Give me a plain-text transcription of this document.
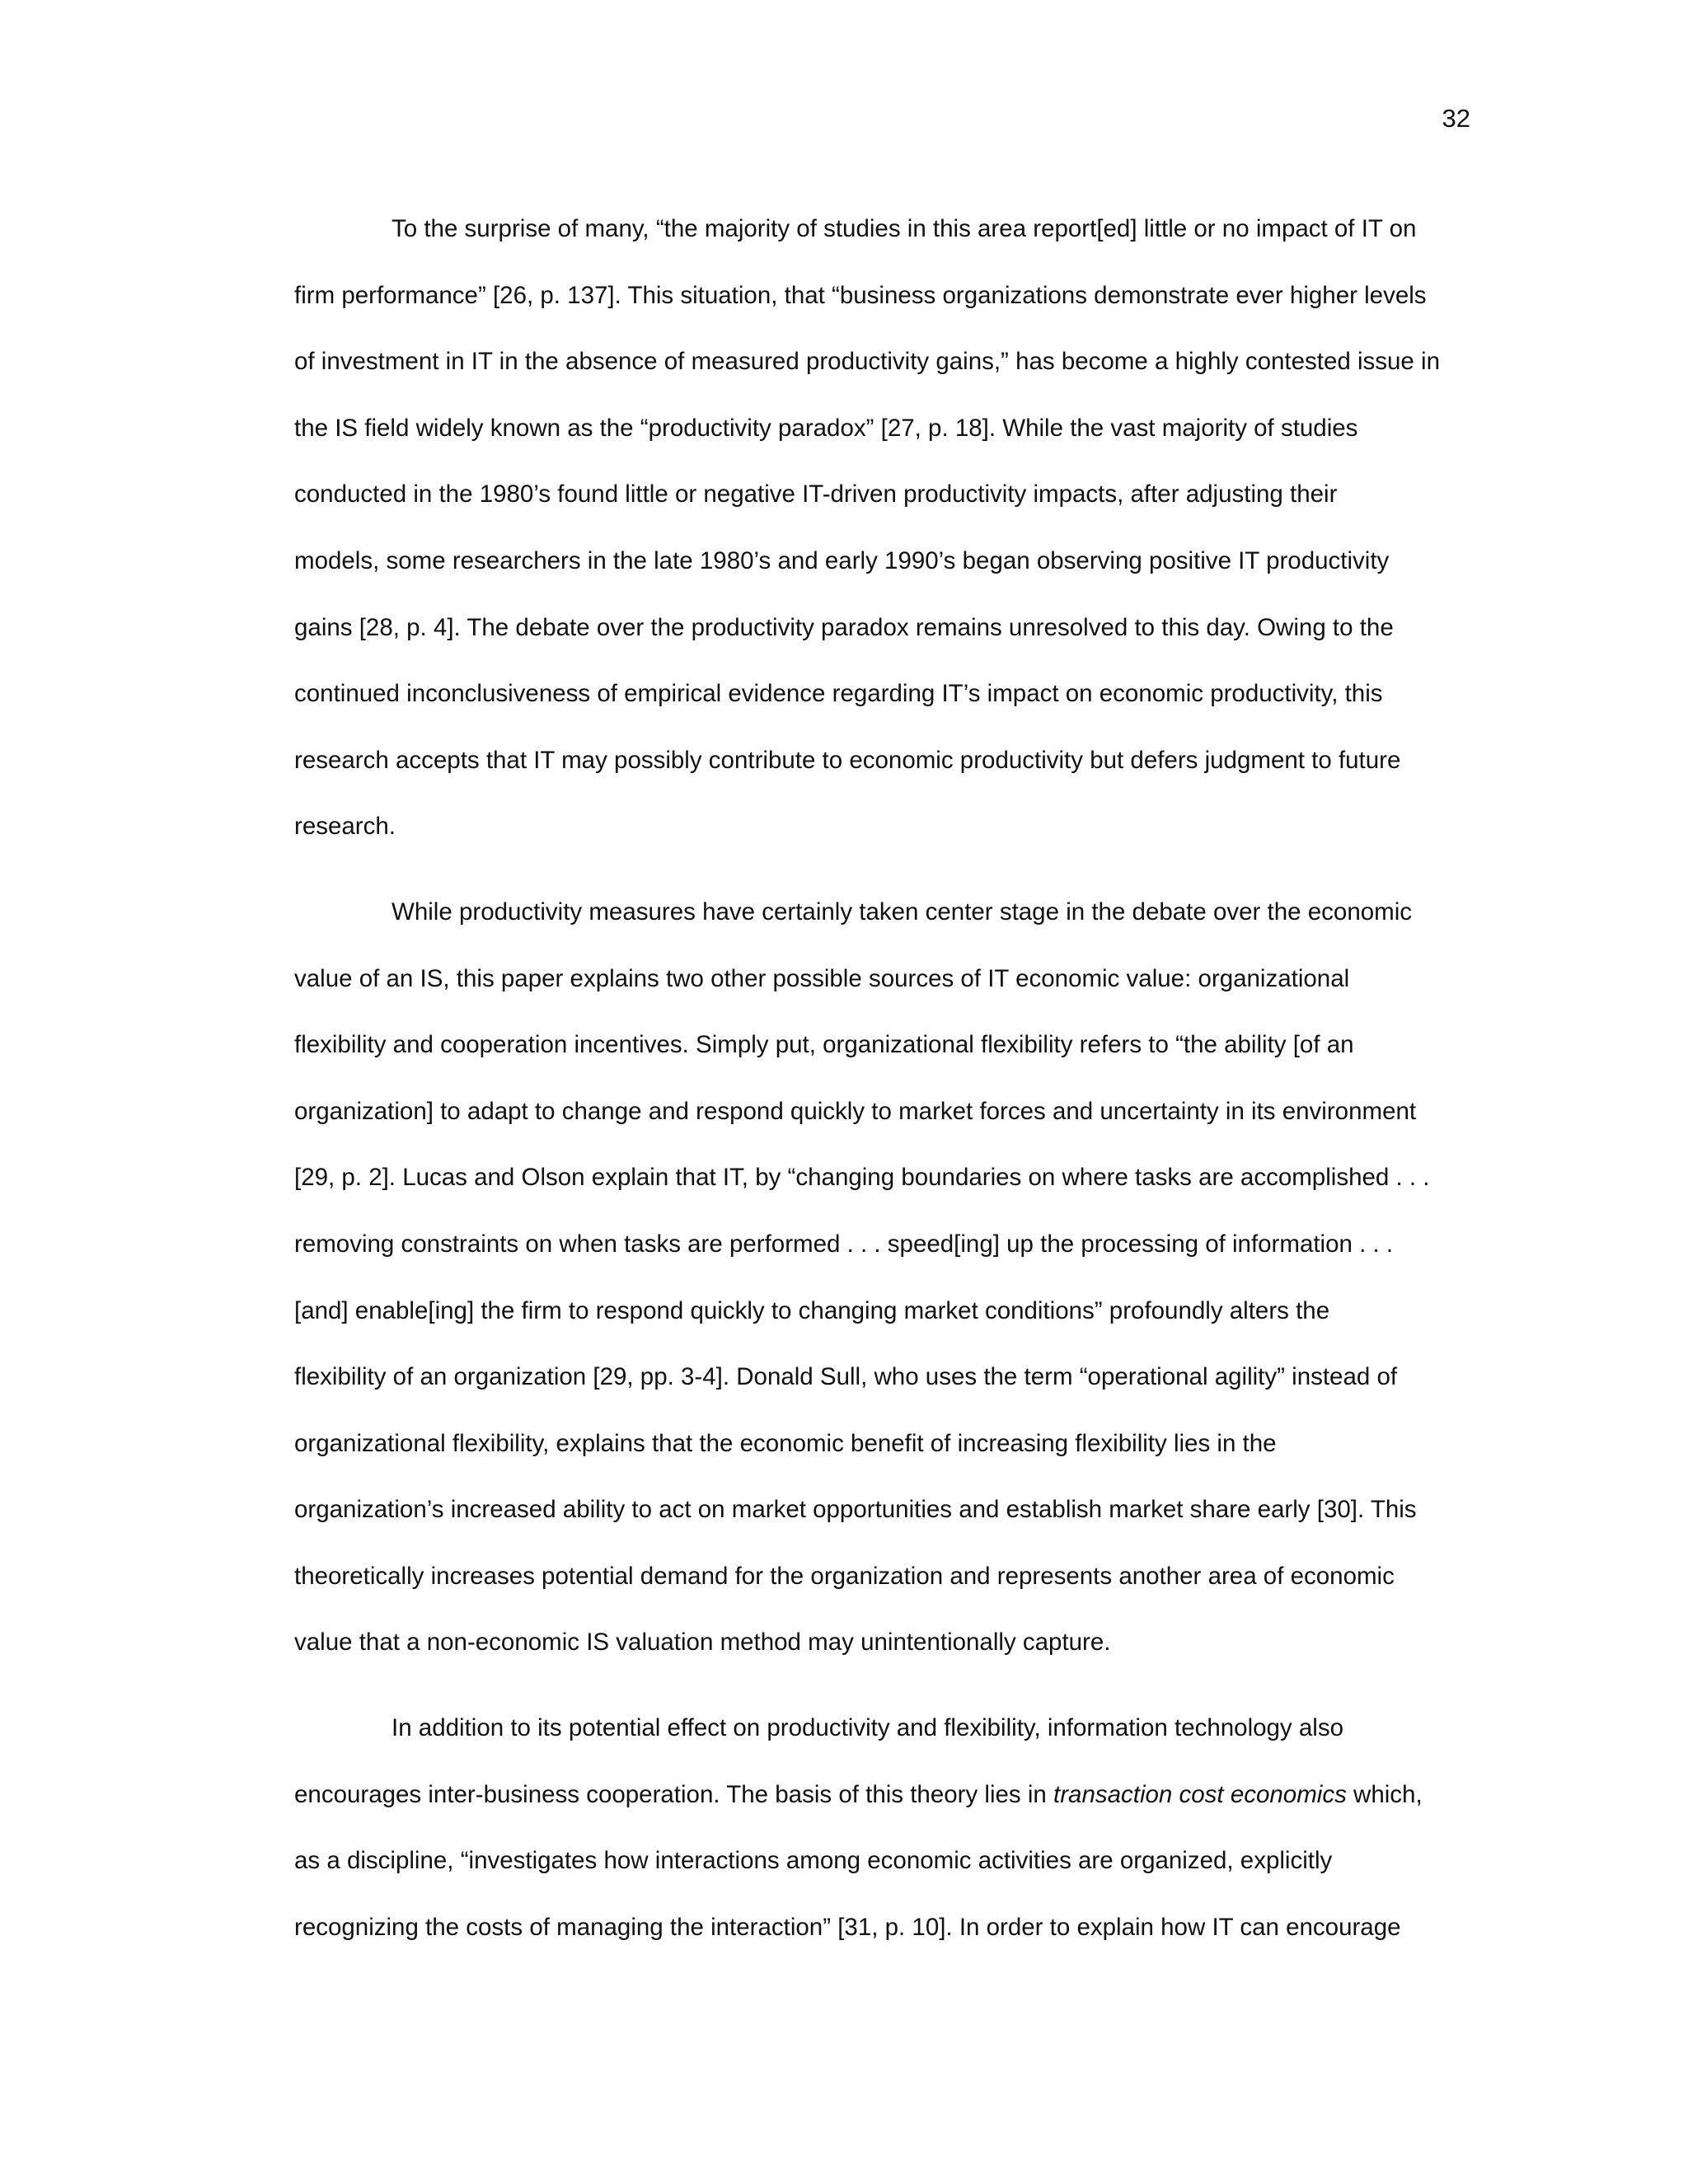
32

To the surprise of many, “the majority of studies in this area report[ed] little or no impact of IT on
firm performance” [26, p. 137]. This situation, that “business organizations demonstrate ever higher levels
of investment in IT in the absence of measured productivity gains,” has become a highly contested issue in
the IS field widely known as the “productivity paradox” [27, p. 18]. While the vast majority of studies
conducted in the 1980’s found little or negative IT-driven productivity impacts, after adjusting their
models, some researchers in the late 1980’s and early 1990’s began observing positive IT productivity
gains [28, p. 4]. The debate over the productivity paradox remains unresolved to this day. Owing to the
continued inconclusiveness of empirical evidence regarding IT’s impact on economic productivity, this
research accepts that IT may possibly contribute to economic productivity but defers judgment to future
research.

While productivity measures have certainly taken center stage in the debate over the economic
value of an IS, this paper explains two other possible sources of IT economic value: organizational
flexibility and cooperation incentives. Simply put, organizational flexibility refers to “the ability [of an
organization] to adapt to change and respond quickly to market forces and uncertainty in its environment
[29, p. 2]. Lucas and Olson explain that IT, by “changing boundaries on where tasks are accomplished . . .
removing constraints on when tasks are performed . . . speed[ing] up the processing of information . . .
[and] enable[ing] the firm to respond quickly to changing market conditions” profoundly alters the
flexibility of an organization [29, pp. 3-4]. Donald Sull, who uses the term “operational agility” instead of
organizational flexibility, explains that the economic benefit of increasing flexibility lies in the
organization’s increased ability to act on market opportunities and establish market share early [30]. This
theoretically increases potential demand for the organization and represents another area of economic
value that a non-economic IS valuation method may unintentionally capture.

In addition to its potential effect on productivity and flexibility, information technology also
encourages inter-business cooperation. The basis of this theory lies in transaction cost economics which,
as a discipline, “investigates how interactions among economic activities are organized, explicitly
recognizing the costs of managing the interaction” [31, p. 10]. In order to explain how IT can encourage
